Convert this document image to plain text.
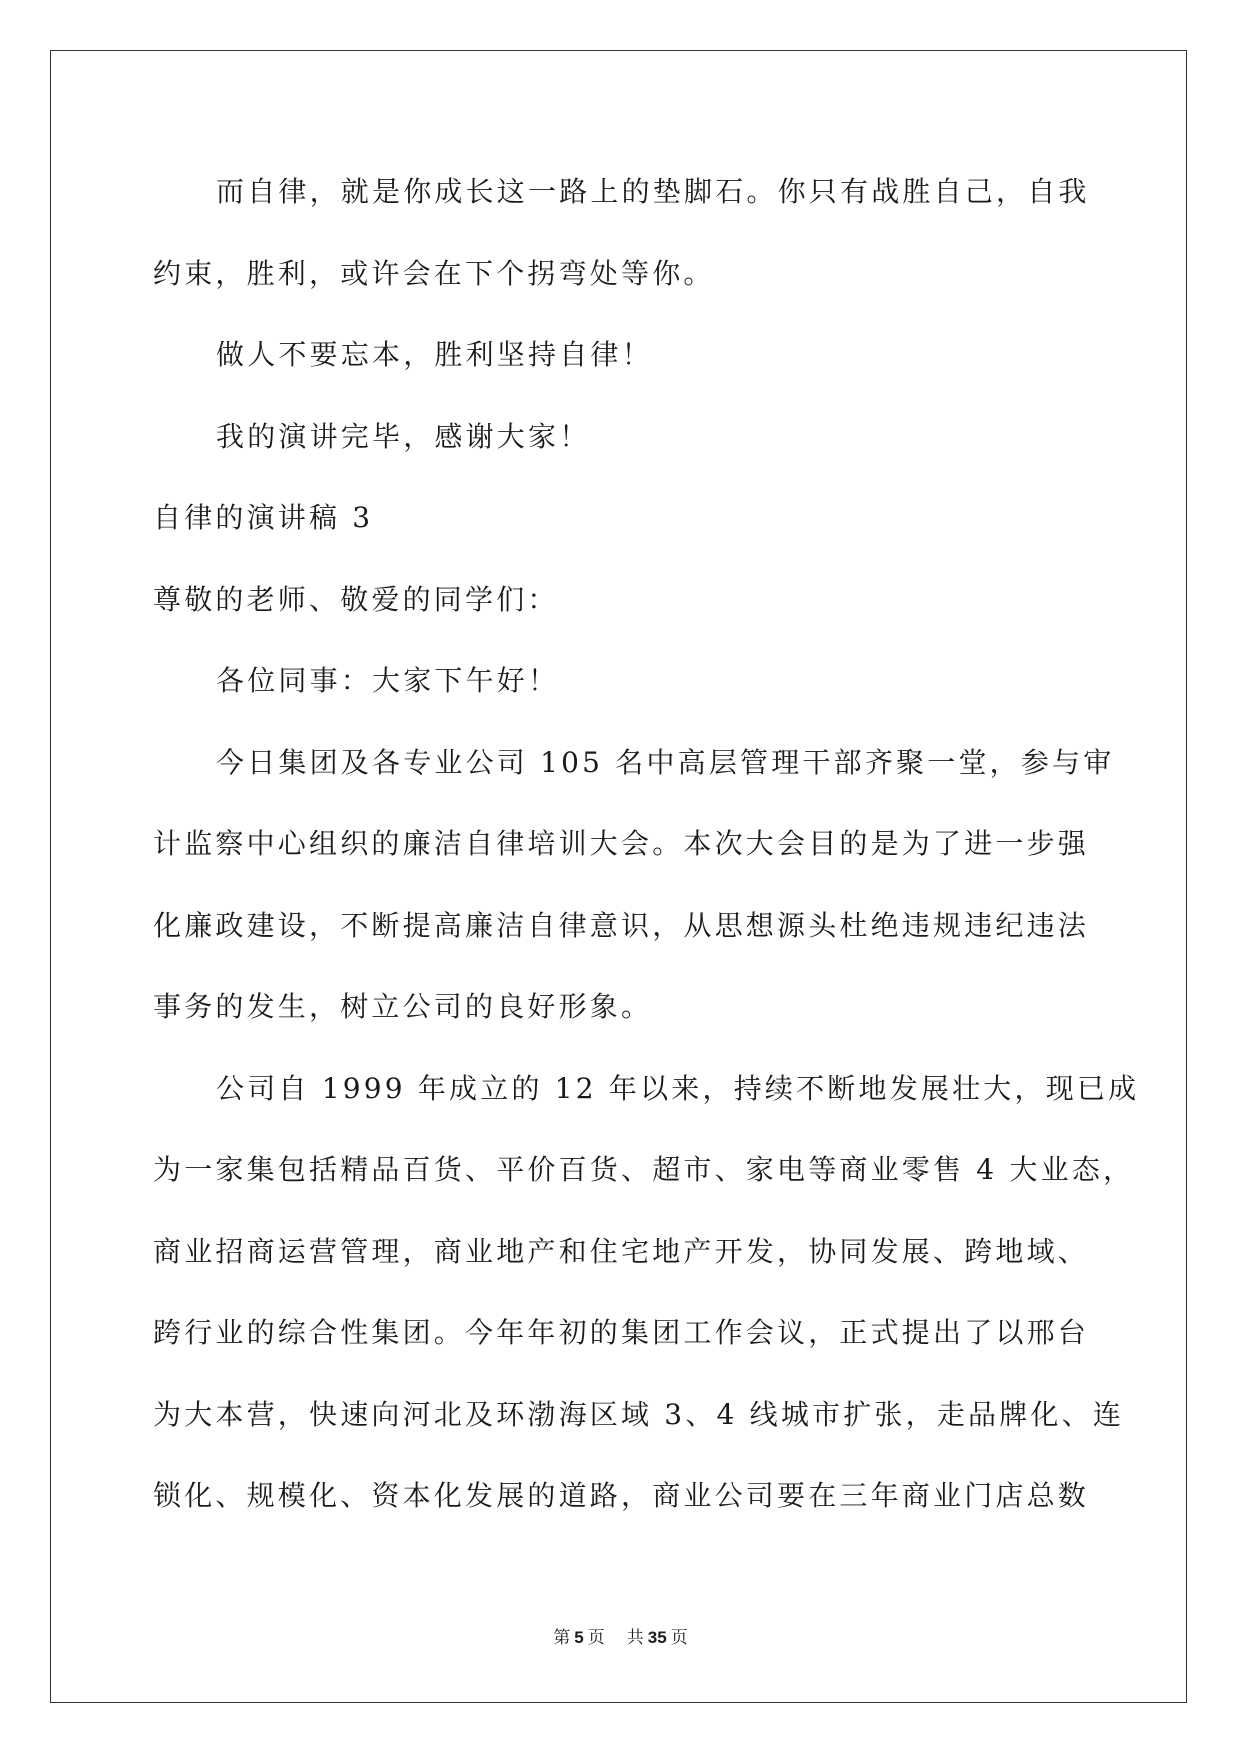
而自律，就是你成长这一路上的垫脚石。你只有战胜自己，自我
约束，胜利，或许会在下个拐弯处等你。
做人不要忘本，胜利坚持自律！
我的演讲完毕，感谢大家！
自律的演讲稿 3
尊敬的老师、敬爱的同学们：
各位同事：大家下午好！
今日集团及各专业公司 105 名中高层管理干部齐聚一堂，参与审
计监察中心组织的廉洁自律培训大会。本次大会目的是为了进一步强
化廉政建设，不断提高廉洁自律意识，从思想源头杜绝违规违纪违法
事务的发生，树立公司的良好形象。
公司自 1999 年成立的 12 年以来，持续不断地发展壮大，现已成
为一家集包括精品百货、平价百货、超市、家电等商业零售 4 大业态，
商业招商运营管理，商业地产和住宅地产开发，协同发展、跨地域、
跨行业的综合性集团。今年年初的集团工作会议，正式提出了以邢台
为大本营，快速向河北及环渤海区域 3、4 线城市扩张，走品牌化、连
锁化、规模化、资本化发展的道路，商业公司要在三年商业门店总数
第 5 页 共 35 页
